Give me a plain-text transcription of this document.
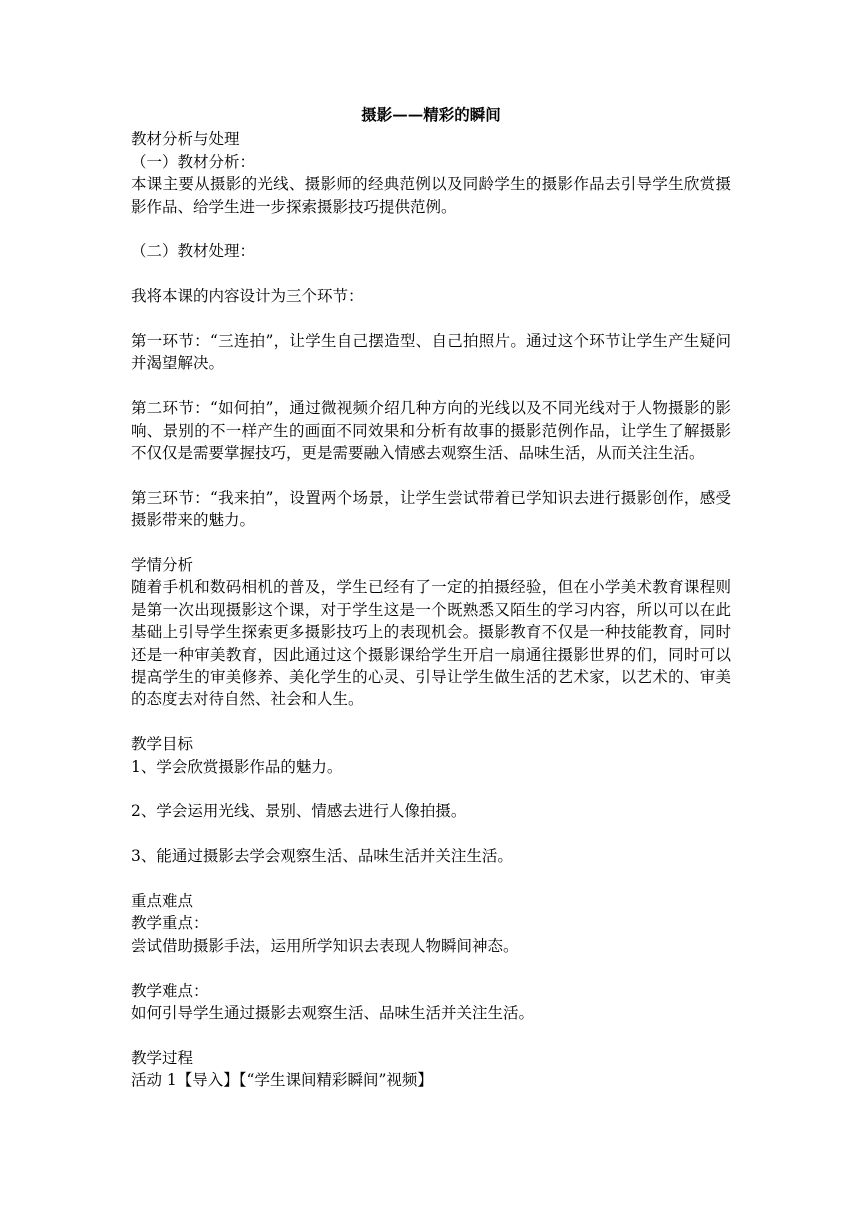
摄影——精彩的瞬间

教材分析与处理

（一）教材分析：

本课主要从摄影的光线、摄影师的经典范例以及同龄学生的摄影作品去引导学生欣赏摄影作品、给学生进一步探索摄影技巧提供范例。

（二）教材处理：

我将本课的内容设计为三个环节：

第一环节：“三连拍”，让学生自己摆造型、自己拍照片。通过这个环节让学生产生疑问并渴望解决。

第二环节：“如何拍”，通过微视频介绍几种方向的光线以及不同光线对于人物摄影的影响、景别的不一样产生的画面不同效果和分析有故事的摄影范例作品，让学生了解摄影不仅仅是需要掌握技巧，更是需要融入情感去观察生活、品味生活，从而关注生活。

第三环节：“我来拍”，设置两个场景，让学生尝试带着已学知识去进行摄影创作，感受摄影带来的魅力。

学情分析

随着手机和数码相机的普及，学生已经有了一定的拍摄经验，但在小学美术教育课程则是第一次出现摄影这个课，对于学生这是一个既熟悉又陌生的学习内容，所以可以在此基础上引导学生探索更多摄影技巧上的表现机会。摄影教育不仅是一种技能教育，同时还是一种审美教育，因此通过这个摄影课给学生开启一扇通往摄影世界的们，同时可以提高学生的审美修养、美化学生的心灵、引导让学生做生活的艺术家，以艺术的、审美的态度去对待自然、社会和人生。

教学目标

1、学会欣赏摄影作品的魅力。

2、学会运用光线、景别、情感去进行人像拍摄。

3、能通过摄影去学会观察生活、品味生活并关注生活。

重点难点

教学重点：

尝试借助摄影手法，运用所学知识去表现人物瞬间神态。

教学难点：

如何引导学生通过摄影去观察生活、品味生活并关注生活。

教学过程

活动 1【导入】【“学生课间精彩瞬间”视频】
